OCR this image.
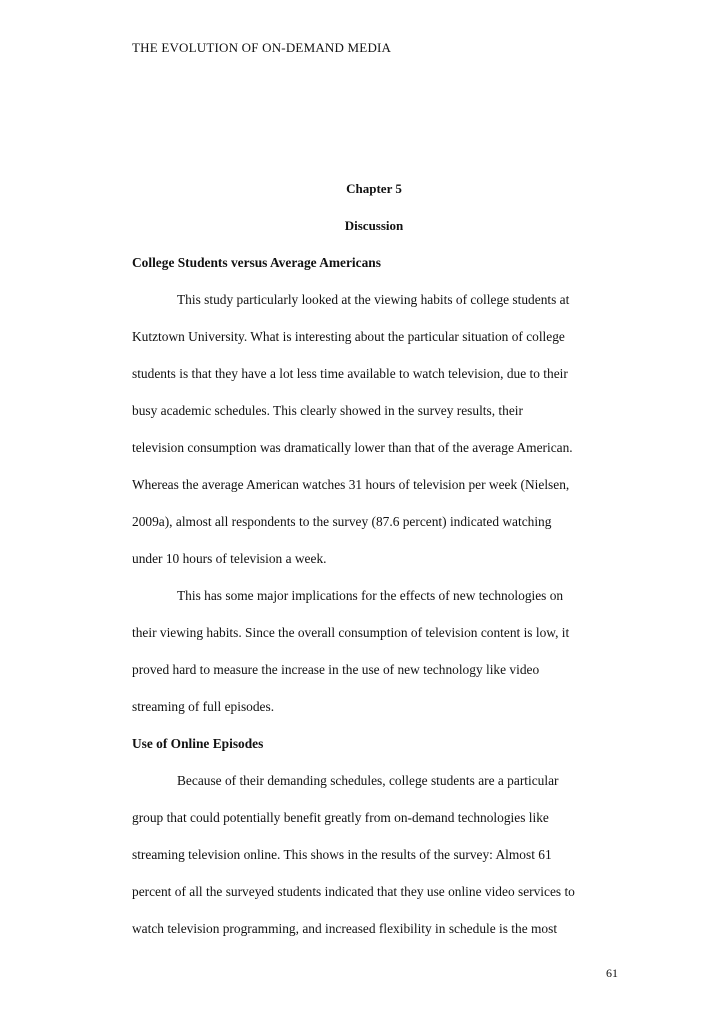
THE EVOLUTION OF ON-DEMAND MEDIA
Chapter 5
Discussion
College Students versus Average Americans
This study particularly looked at the viewing habits of college students at
Kutztown University. What is interesting about the particular situation of college
students is that they have a lot less time available to watch television, due to their
busy academic schedules. This clearly showed in the survey results, their
television consumption was dramatically lower than that of the average American.
Whereas the average American watches 31 hours of television per week (Nielsen,
2009a), almost all respondents to the survey (87.6 percent) indicated watching
under 10 hours of television a week.
This has some major implications for the effects of new technologies on
their viewing habits. Since the overall consumption of television content is low, it
proved hard to measure the increase in the use of new technology like video
streaming of full episodes.
Use of Online Episodes
Because of their demanding schedules, college students are a particular
group that could potentially benefit greatly from on-demand technologies like
streaming television online. This shows in the results of the survey: Almost 61
percent of all the surveyed students indicated that they use online video services to
watch television programming, and increased flexibility in schedule is the most
61
